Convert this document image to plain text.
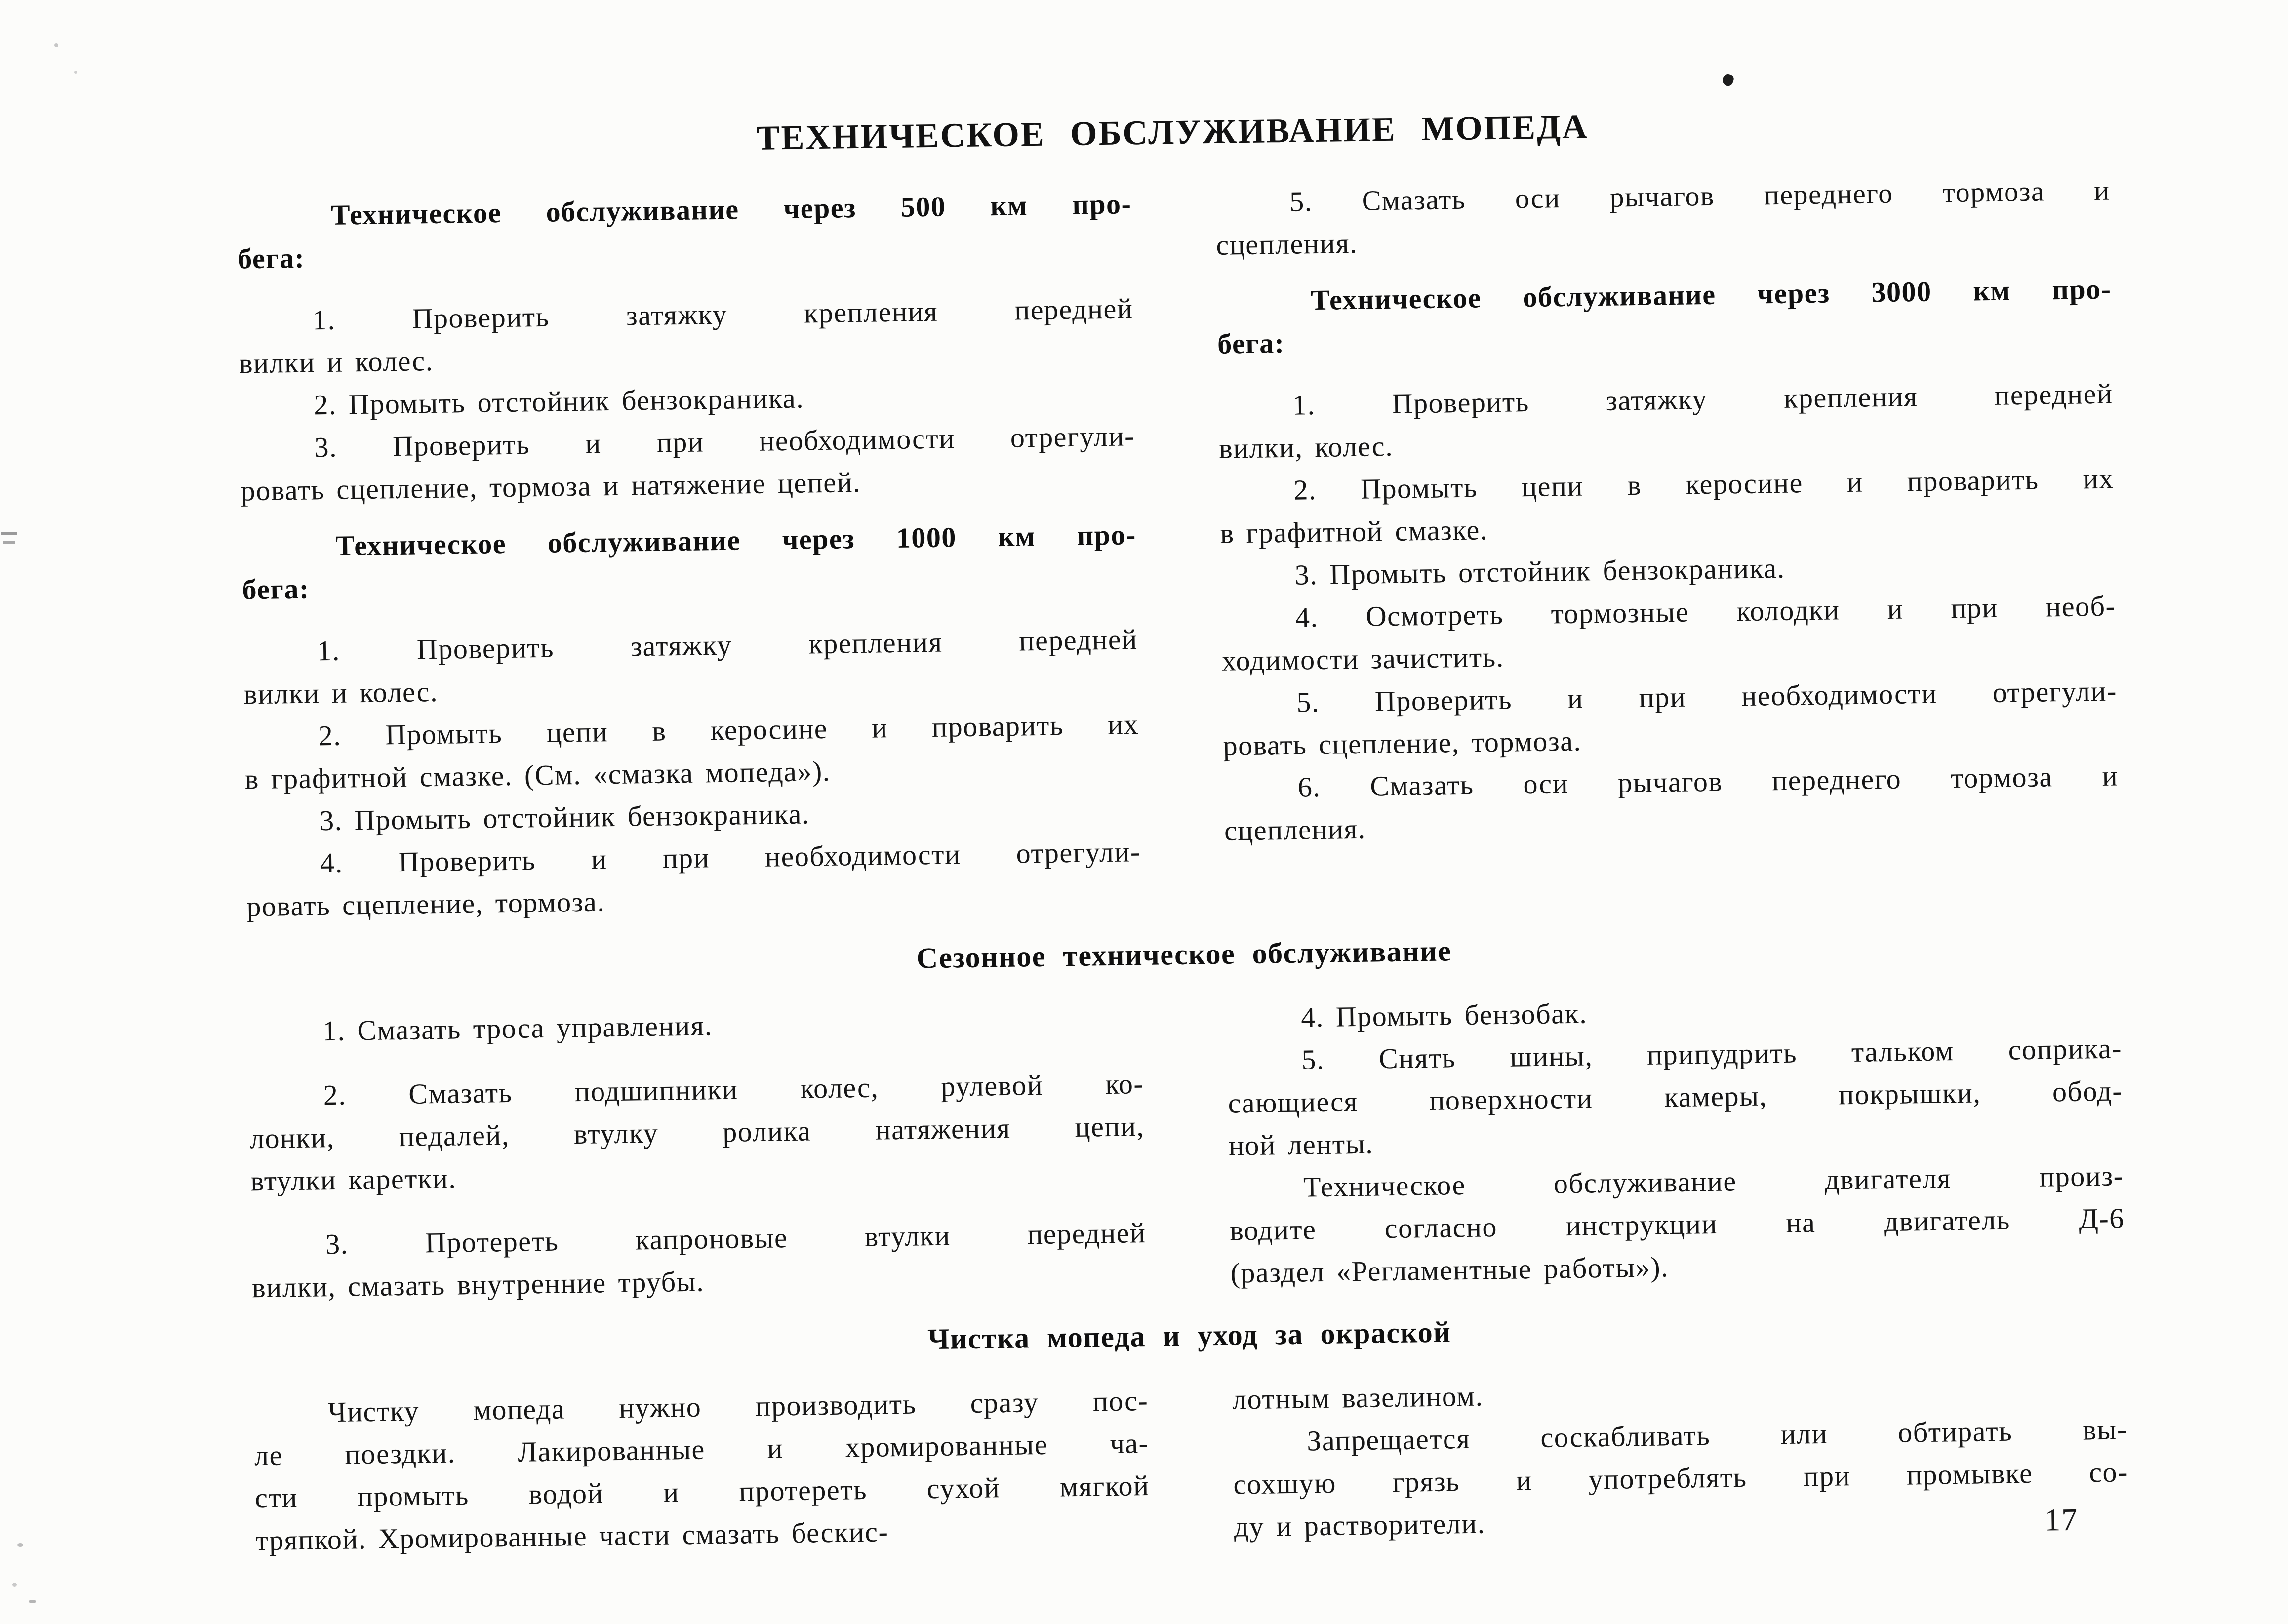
ТЕХНИЧЕСКОЕ ОБСЛУЖИВАНИЕ МОПЕДА
Техническое обслуживание через 500 км про-
бега:
1. Проверить затяжку крепления передней
вилки и колес.
2. Промыть отстойник бензокраника.
3. Проверить и при необходимости отрегули-
ровать сцепление, тормоза и натяжение цепей.
Техническое обслуживание через 1000 км про-
бега:
1. Проверить затяжку крепления передней
вилки и колес.
2. Промыть цепи в керосине и проварить их
в графитной смазке. (См. «смазка мопеда»).
3. Промыть отстойник бензокраника.
4. Проверить и при необходимости отрегули-
ровать сцепление, тормоза.
5. Смазать оси рычагов переднего тормоза и
сцепления.
Техническое обслуживание через 3000 км про-
бега:
1. Проверить затяжку крепления передней
вилки, колес.
2. Промыть цепи в керосине и проварить их
в графитной смазке.
3. Промыть отстойник бензокраника.
4. Осмотреть тормозные колодки и при необ-
ходимости зачистить.
5. Проверить и при необходимости отрегули-
ровать сцепление, тормоза.
6. Смазать оси рычагов переднего тормоза и
сцепления.
Сезонное техническое обслуживание
1. Смазать троса управления.
2. Смазать подшипники колес, рулевой ко-
лонки, педалей, втулку ролика натяжения цепи,
втулки каретки.
3. Протереть капроновые втулки передней
вилки, смазать внутренние трубы.
4. Промыть бензобак.
5. Снять шины, припудрить тальком соприка-
сающиеся поверхности камеры, покрышки, обод-
ной ленты.
Техническое обслуживание двигателя произ-
водите согласно инструкции на двигатель Д-6
(раздел «Регламентные работы»).
Чистка мопеда и уход за окраской
Чистку мопеда нужно производить сразу пос-
ле поездки. Лакированные и хромированные ча-
сти промыть водой и протереть сухой мягкой
тряпкой. Хромированные части смазать бескис-
лотным вазелином.
Запрещается соскабливать или обтирать вы-
сохшую грязь и употреблять при промывке со-
ду и растворители.	17
